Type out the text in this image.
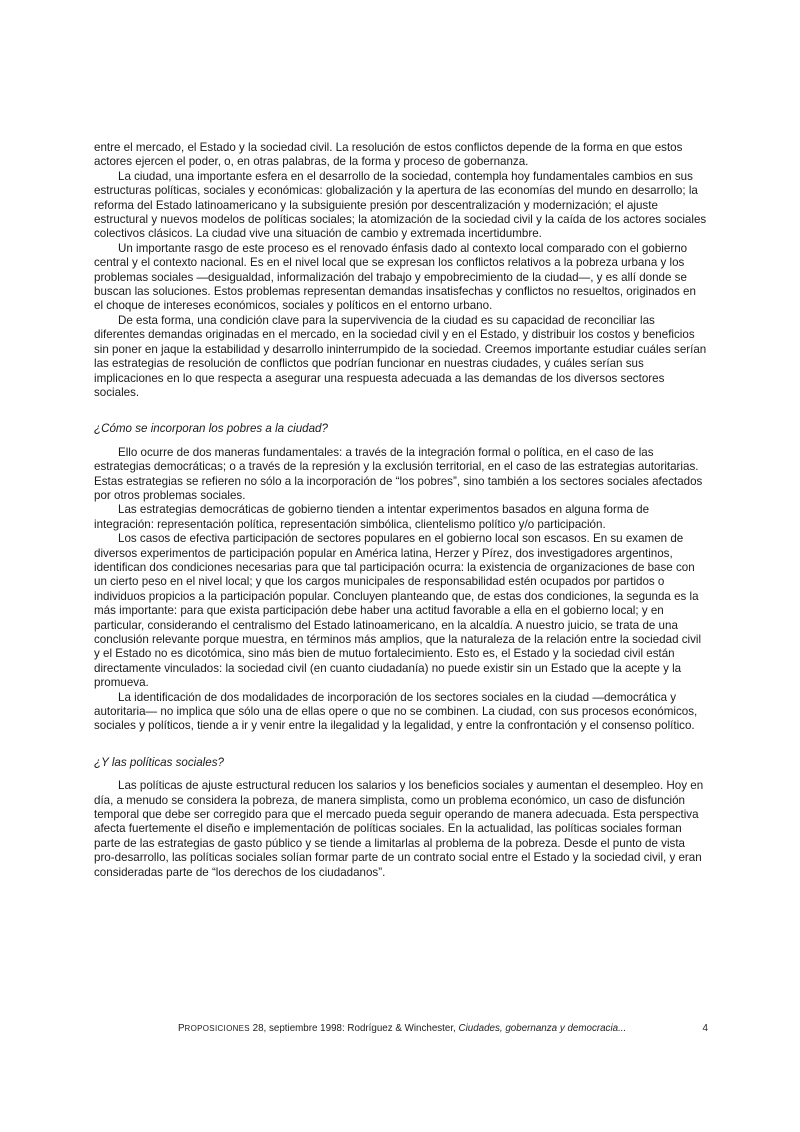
entre el mercado, el Estado y la sociedad civil. La resolución de estos conflictos depende de la forma en que estos actores ejercen el poder, o, en otras palabras, de la forma y proceso de gobernanza.

La ciudad, una importante esfera en el desarrollo de la sociedad, contempla hoy fundamentales cambios en sus estructuras políticas, sociales y económicas: globalización y la apertura de las economías del mundo en desarrollo; la reforma del Estado latinoamericano y la subsiguiente presión por descentralización y modernización; el ajuste estructural y nuevos modelos de políticas sociales; la atomización de la sociedad civil y la caída de los actores sociales colectivos clásicos. La ciudad vive una situación de cambio y extremada incertidumbre.

Un importante rasgo de este proceso es el renovado énfasis dado al contexto local comparado con el gobierno central y el contexto nacional. Es en el nivel local que se expresan los conflictos relativos a la pobreza urbana y los problemas sociales —desigualdad, informalización del trabajo y empobrecimiento de la ciudad—, y es allí donde se buscan las soluciones. Estos problemas representan demandas insatisfechas y conflictos no resueltos, originados en el choque de intereses económicos, sociales y políticos en el entorno urbano.

De esta forma, una condición clave para la supervivencia de la ciudad es su capacidad de reconciliar las diferentes demandas originadas en el mercado, en la sociedad civil y en el Estado, y distribuir los costos y beneficios sin poner en jaque la estabilidad y desarrollo ininterrumpido de la sociedad. Creemos importante estudiar cuáles serían las estrategias de resolución de conflictos que podrían funcionar en nuestras ciudades, y cuáles serían sus implicaciones en lo que respecta a asegurar una respuesta adecuada a las demandas de los diversos sectores sociales.

¿Cómo se incorporan los pobres a la ciudad?

Ello ocurre de dos maneras fundamentales: a través de la integración formal o política, en el caso de las estrategias democráticas; o a través de la represión y la exclusión territorial, en el caso de las estrategias autoritarias. Estas estrategias se refieren no sólo a la incorporación de “los pobres”, sino también a los sectores sociales afectados por otros problemas sociales.

Las estrategias democráticas de gobierno tienden a intentar experimentos basados en alguna forma de integración: representación política, representación simbólica, clientelismo político y/o participación.

Los casos de efectiva participación de sectores populares en el gobierno local son escasos. En su examen de diversos experimentos de participación popular en América latina, Herzer y Pírez, dos investigadores argentinos, identifican dos condiciones necesarias para que tal participación ocurra: la existencia de organizaciones de base con un cierto peso en el nivel local; y que los cargos municipales de responsabilidad estén ocupados por partidos o individuos propicios a la participación popular. Concluyen planteando que, de estas dos condiciones, la segunda es la más importante: para que exista participación debe haber una actitud favorable a ella en el gobierno local; y en particular, considerando el centralismo del Estado latinoamericano, en la alcaldía. A nuestro juicio, se trata de una conclusión relevante porque muestra, en términos más amplios, que la naturaleza de la relación entre la sociedad civil y el Estado no es dicotómica, sino más bien de mutuo fortalecimiento. Esto es, el Estado y la sociedad civil están directamente vinculados: la sociedad civil (en cuanto ciudadanía) no puede existir sin un Estado que la acepte y la promueva.

La identificación de dos modalidades de incorporación de los sectores sociales en la ciudad —democrática y autoritaria— no implica que sólo una de ellas opere o que no se combinen. La ciudad, con sus procesos económicos, sociales y políticos, tiende a ir y venir entre la ilegalidad y la legalidad, y entre la confrontación y el consenso político.

¿Y las políticas sociales?

Las políticas de ajuste estructural reducen los salarios y los beneficios sociales y aumentan el desempleo. Hoy en día, a menudo se considera la pobreza, de manera simplista, como un problema económico, un caso de disfunción temporal que debe ser corregido para que el mercado pueda seguir operando de manera adecuada. Esta perspectiva afecta fuertemente el diseño e implementación de políticas sociales. En la actualidad, las políticas sociales forman parte de las estrategias de gasto público y se tiende a limitarlas al problema de la pobreza. Desde el punto de vista pro-desarrollo, las políticas sociales solían formar parte de un contrato social entre el Estado y la sociedad civil, y eran consideradas parte de “los derechos de los ciudadanos”.

PROPOSICIONES 28, septiembre 1998: Rodríguez & Winchester, Ciudades, gobernanza y democracia...	4
